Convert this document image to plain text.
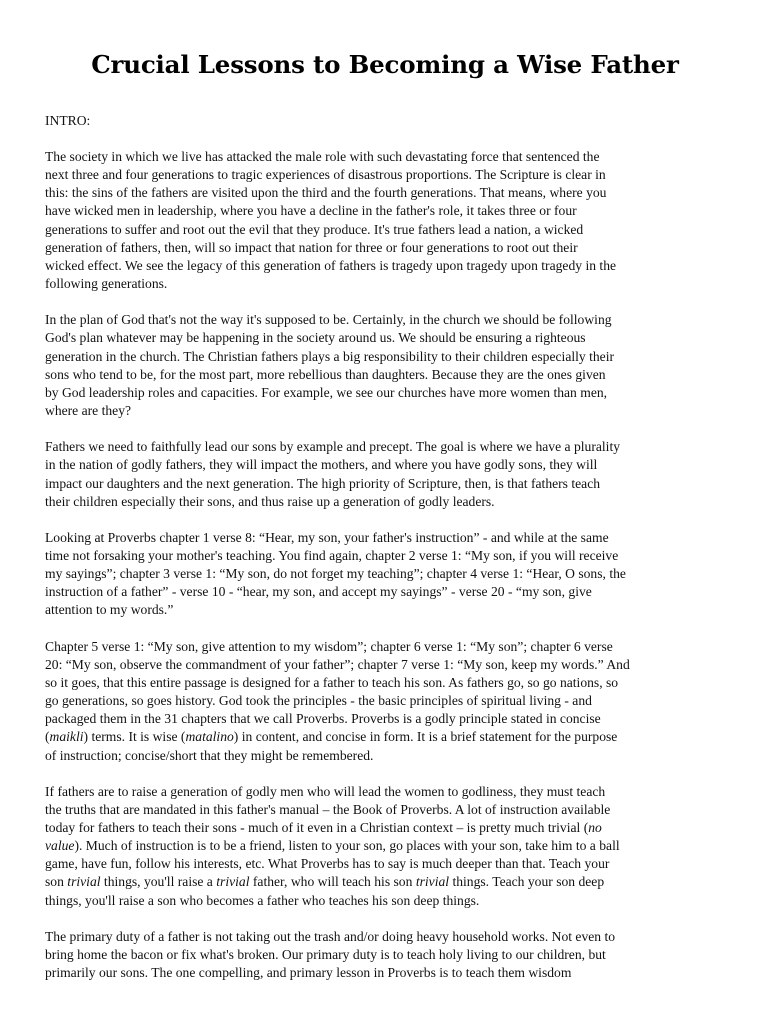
Crucial Lessons to Becoming a Wise Father

INTRO:

The society in which we live has attacked the male role with such devastating force that sentenced the
next three and four generations to tragic experiences of disastrous proportions. The Scripture is clear in
this: the sins of the fathers are visited upon the third and the fourth generations. That means, where you
have wicked men in leadership, where you have a decline in the father's role, it takes three or four
generations to suffer and root out the evil that they produce. It's true fathers lead a nation, a wicked
generation of fathers, then, will so impact that nation for three or four generations to root out their
wicked effect. We see the legacy of this generation of fathers is tragedy upon tragedy upon tragedy in the
following generations.

In the plan of God that's not the way it's supposed to be. Certainly, in the church we should be following
God's plan whatever may be happening in the society around us. We should be ensuring a righteous
generation in the church. The Christian fathers plays a big responsibility to their children especially their
sons who tend to be, for the most part, more rebellious than daughters. Because they are the ones given
by God leadership roles and capacities. For example, we see our churches have more women than men,
where are they?

Fathers we need to faithfully lead our sons by example and precept. The goal is where we have a plurality
in the nation of godly fathers, they will impact the mothers, and where you have godly sons, they will
impact our daughters and the next generation. The high priority of Scripture, then, is that fathers teach
their children especially their sons, and thus raise up a generation of godly leaders.

Looking at Proverbs chapter 1 verse 8: “Hear, my son, your father's instruction” - and while at the same
time not forsaking your mother's teaching. You find again, chapter 2 verse 1: “My son, if you will receive
my sayings”; chapter 3 verse 1: “My son, do not forget my teaching”; chapter 4 verse 1: “Hear, O sons, the
instruction of a father” - verse 10 - “hear, my son, and accept my sayings” - verse 20 - “my son, give
attention to my words.”

Chapter 5 verse 1: “My son, give attention to my wisdom”; chapter 6 verse 1: “My son”; chapter 6 verse
20: “My son, observe the commandment of your father”; chapter 7 verse 1: “My son, keep my words.” And
so it goes, that this entire passage is designed for a father to teach his son. As fathers go, so go nations, so
go generations, so goes history. God took the principles - the basic principles of spiritual living - and
packaged them in the 31 chapters that we call Proverbs. Proverbs is a godly principle stated in concise
(maikli) terms. It is wise (matalino) in content, and concise in form. It is a brief statement for the purpose
of instruction; concise/short that they might be remembered.

If fathers are to raise a generation of godly men who will lead the women to godliness, they must teach
the truths that are mandated in this father's manual – the Book of Proverbs. A lot of instruction available
today for fathers to teach their sons - much of it even in a Christian context – is pretty much trivial (no
value). Much of instruction is to be a friend, listen to your son, go places with your son, take him to a ball
game, have fun, follow his interests, etc. What Proverbs has to say is much deeper than that. Teach your
son trivial things, you'll raise a trivial father, who will teach his son trivial things. Teach your son deep
things, you'll raise a son who becomes a father who teaches his son deep things.

The primary duty of a father is not taking out the trash and/or doing heavy household works. Not even to
bring home the bacon or fix what's broken. Our primary duty is to teach holy living to our children, but
primarily our sons. The one compelling, and primary lesson in Proverbs is to teach them wisdom
